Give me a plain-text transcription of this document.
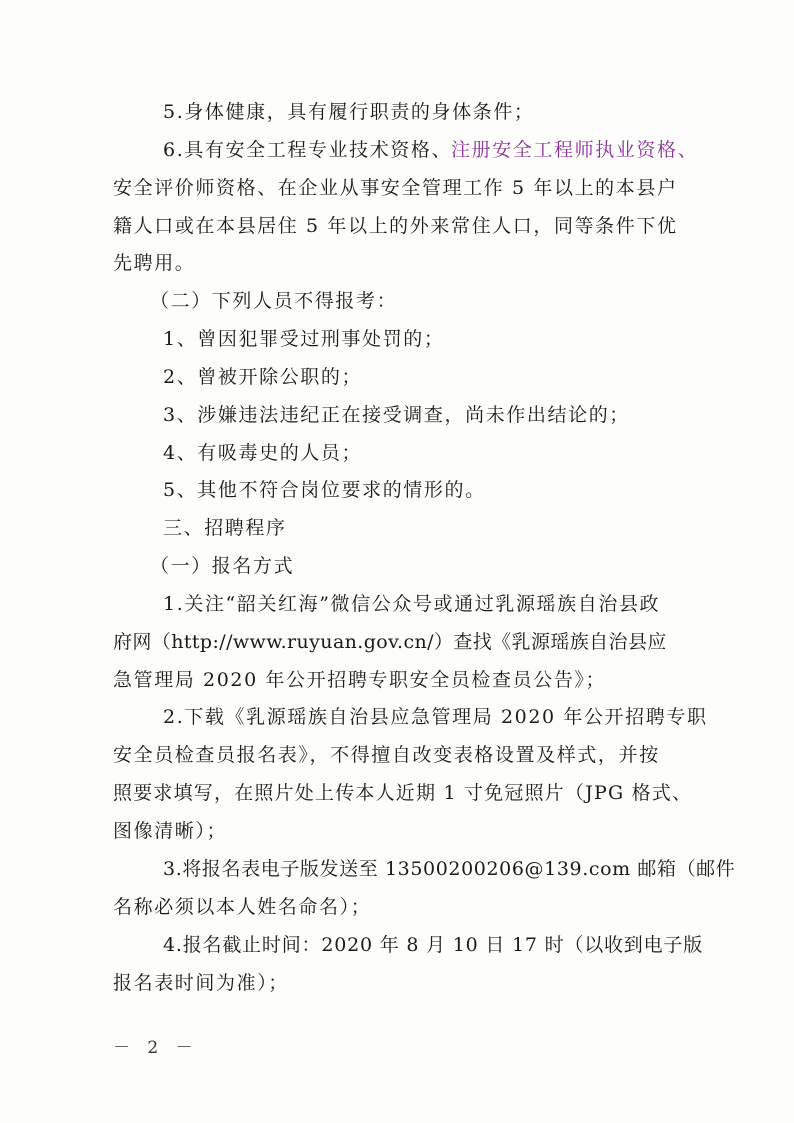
5.身体健康，具有履行职责的身体条件；
6.具有安全工程专业技术资格、
注册安全工程师执业资格、
安全评价师资格、在企业从事安全管理工作 5 年以上的本县户
籍人口或在本县居住 5 年以上的外来常住人口，同等条件下优
先聘用。
（二）下列人员不得报考：
1、曾因犯罪受过刑事处罚的；
2、曾被开除公职的；
3、涉嫌违法违纪正在接受调查，尚未作出结论的；
4、有吸毒史的人员；
5、其他不符合岗位要求的情形的。
三、招聘程序
（一）报名方式
1.关注“韶关红海”微信公众号或通过乳源瑶族自治县政
府网（http://www.ruyuan.gov.cn/）查找《乳源瑶族自治县应
急管理局 2020 年公开招聘专职安全员检查员公告》；
2.下载《乳源瑶族自治县应急管理局 2020 年公开招聘专职
安全员检查员报名表》，不得擅自改变表格设置及样式，并按
照要求填写，在照片处上传本人近期 1 寸免冠照片（JPG 格式、
图像清晰）；
3.将报名表电子版发送至 13500200206@139.com 邮箱（邮件
名称必须以本人姓名命名）；
4.报名截止时间：2020 年 8 月 10 日 17 时（以收到电子版
报名表时间为准）；
－ 2 －
